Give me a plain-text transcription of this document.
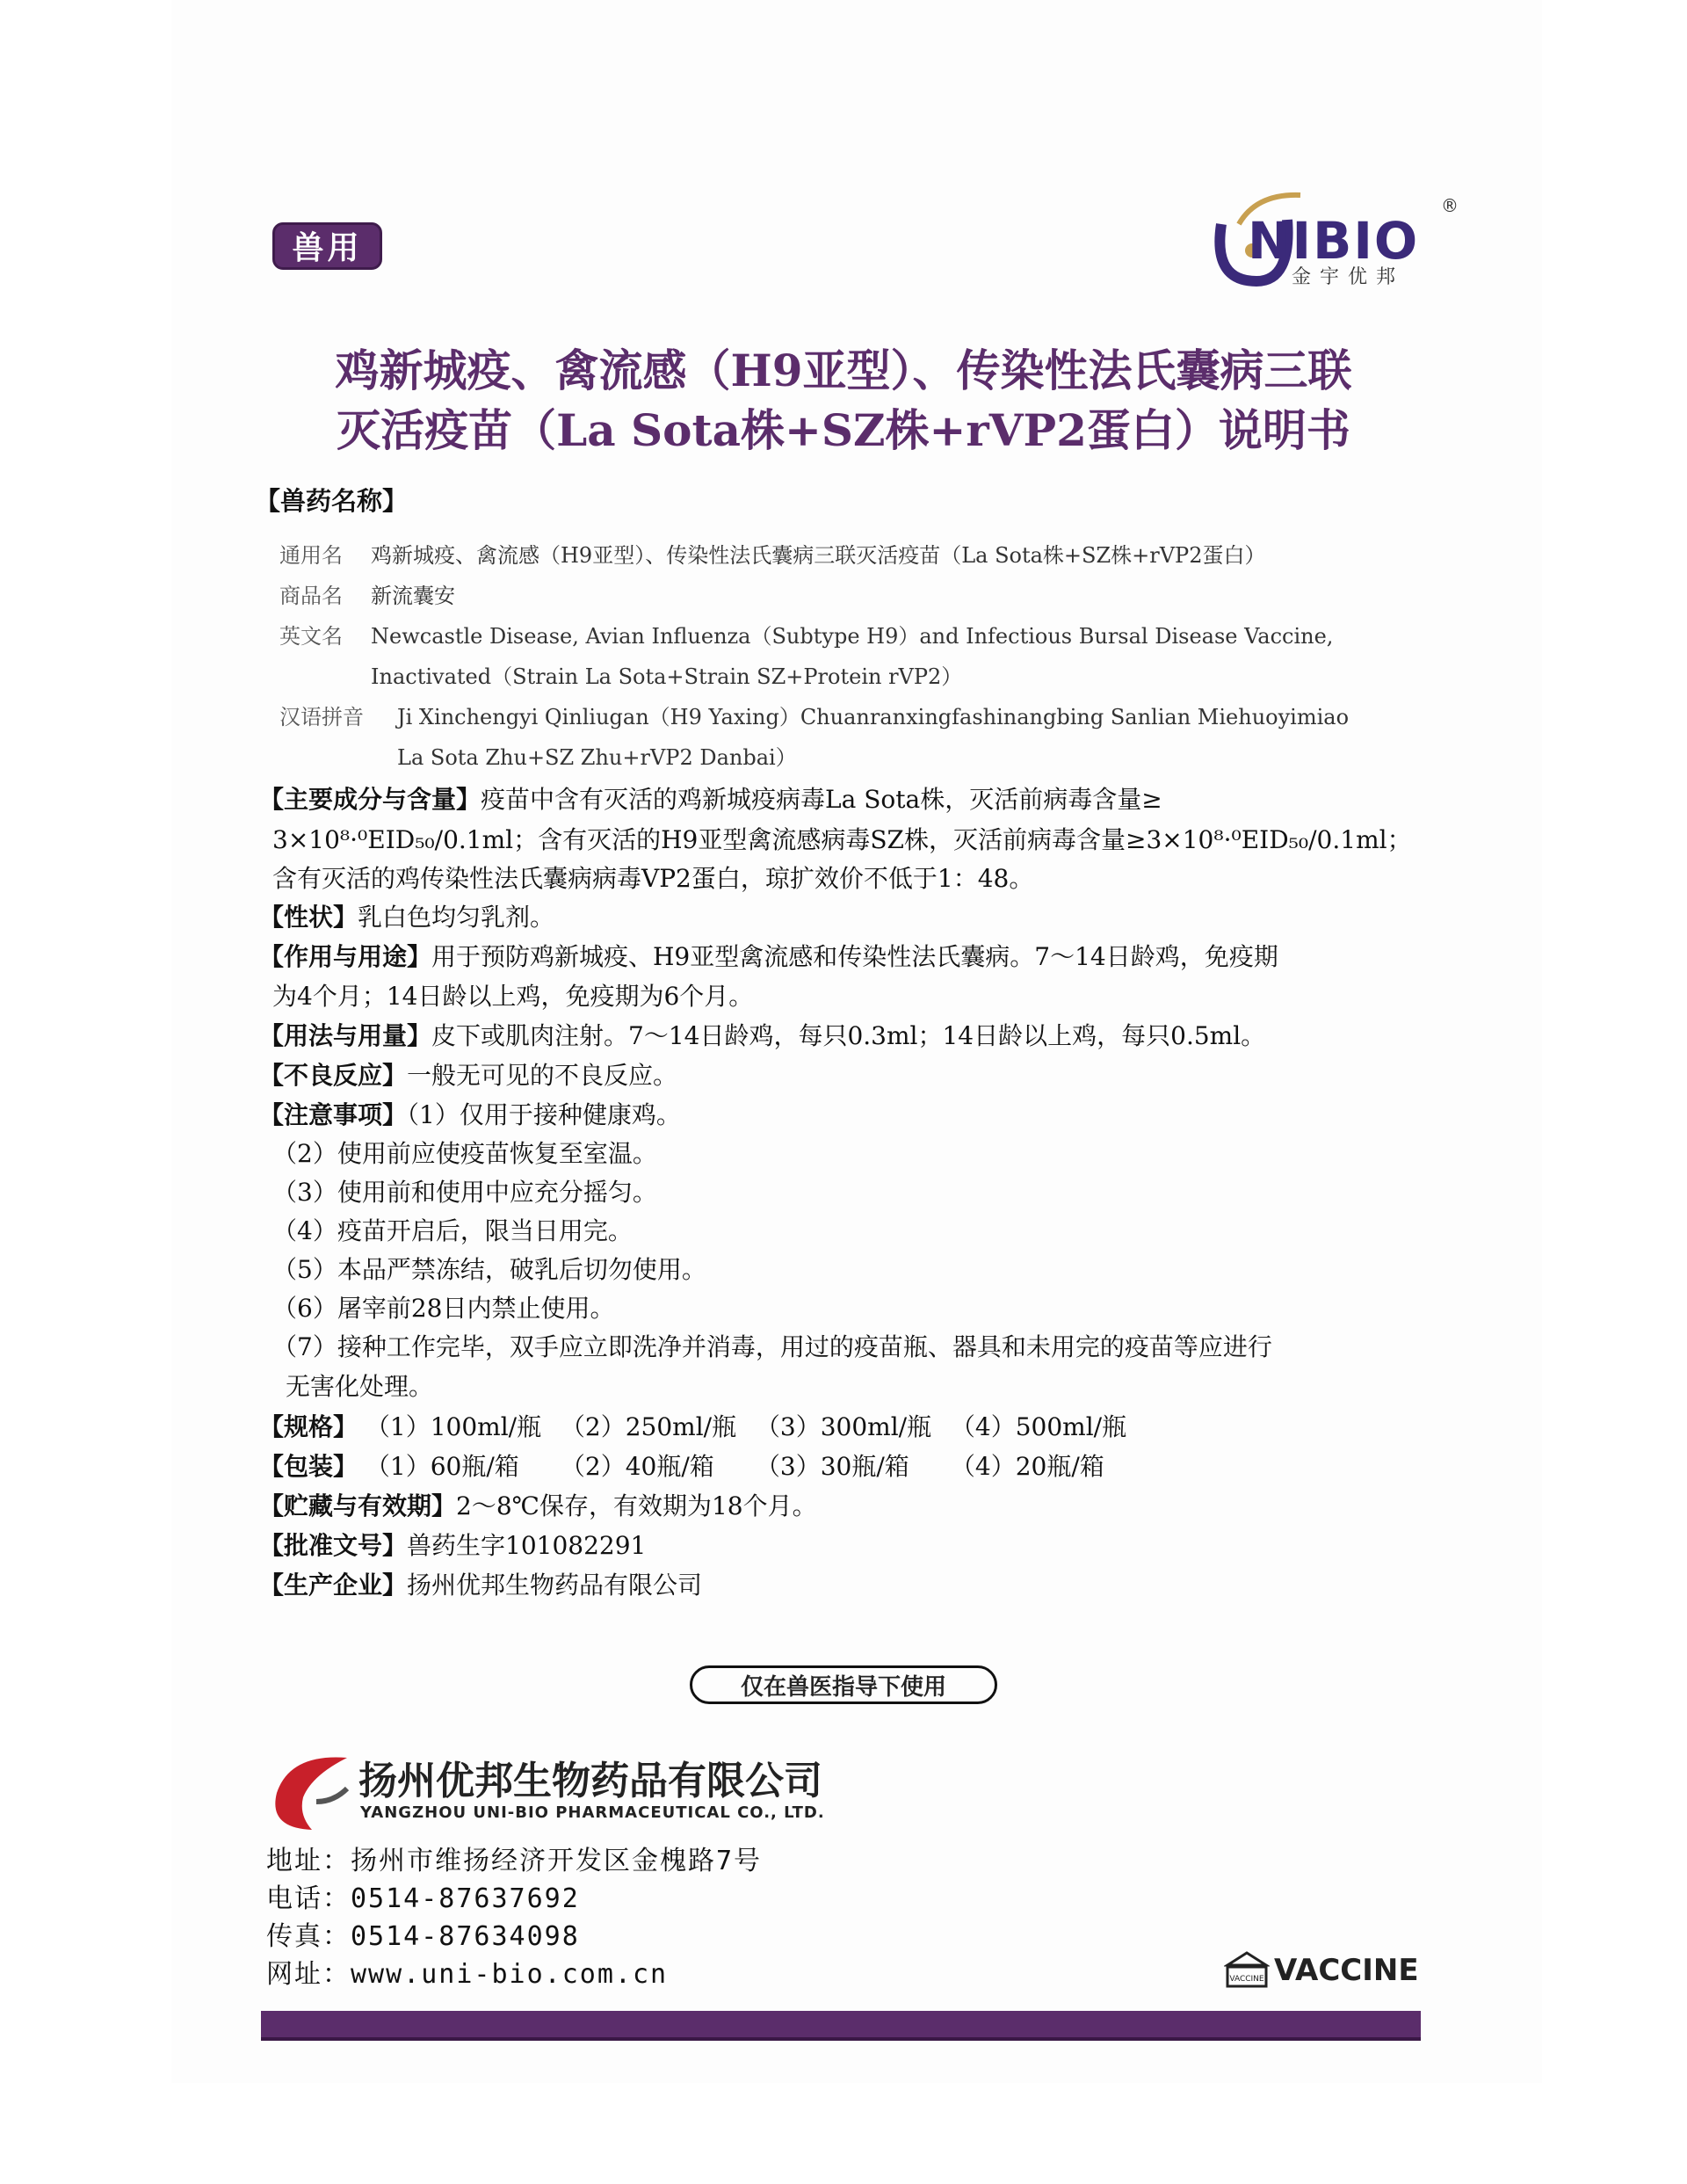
兽用	NIBIO
金宇优邦
®
鸡新城疫、禽流感（H9亚型）、传染性法氏囊病三联
灭活疫苗（La Sota株+SZ株+rVP2蛋白）说明书
【兽药名称】
通用名 鸡新城疫、禽流感（H9亚型）、传染性法氏囊病三联灭活疫苗（La Sota株+SZ株+rVP2蛋白）
商品名 新流囊安
英文名 Newcastle Disease, Avian Influenza（Subtype H9）and Infectious Bursal Disease Vaccine,
Inactivated（Strain La Sota+Strain SZ+Protein rVP2）
汉语拼音 Ji Xinchengyi Qinliugan（H9 Yaxing）Chuanranxingfashinangbing Sanlian Miehuoyimiao
La Sota Zhu+SZ Zhu+rVP2 Danbai）
【主要成分与含量】疫苗中含有灭活的鸡新城疫病毒La Sota株，灭活前病毒含量≥
3×10⁸·⁰EID₅₀/0.1ml；含有灭活的H9亚型禽流感病毒SZ株，灭活前病毒含量≥3×10⁸·⁰EID₅₀/0.1ml；
含有灭活的鸡传染性法氏囊病病毒VP2蛋白，琼扩效价不低于1：48。
【性状】乳白色均匀乳剂。
【作用与用途】用于预防鸡新城疫、H9亚型禽流感和传染性法氏囊病。7～14日龄鸡，免疫期
为4个月；14日龄以上鸡，免疫期为6个月。
【用法与用量】皮下或肌肉注射。7～14日龄鸡，每只0.3ml；14日龄以上鸡，每只0.5ml。
【不良反应】一般无可见的不良反应。
【注意事项】（1）仅用于接种健康鸡。
（2）使用前应使疫苗恢复至室温。
（3）使用前和使用中应充分摇匀。
（4）疫苗开启后，限当日用完。
（5）本品严禁冻结，破乳后切勿使用。
（6）屠宰前28日内禁止使用。
（7）接种工作完毕，双手应立即洗净并消毒，用过的疫苗瓶、器具和未用完的疫苗等应进行
无害化处理。
【规格】 （1）100ml/瓶 （2）250ml/瓶 （3）300ml/瓶 （4）500ml/瓶
【包装】 （1）60瓶/箱 （2）40瓶/箱 （3）30瓶/箱 （4）20瓶/箱
【贮藏与有效期】2～8℃保存，有效期为18个月。
【批准文号】兽药生字101082291
【生产企业】扬州优邦生物药品有限公司
仅在兽医指导下使用
扬州优邦生物药品有限公司
YANGZHOU UNI-BIO PHARMACEUTICAL CO., LTD.
地址：扬州市维扬经济开发区金槐路7号
电话：0514-87637692
传真：0514-87634098
网址：www.uni-bio.com.cn	VACCINE VACCINE
